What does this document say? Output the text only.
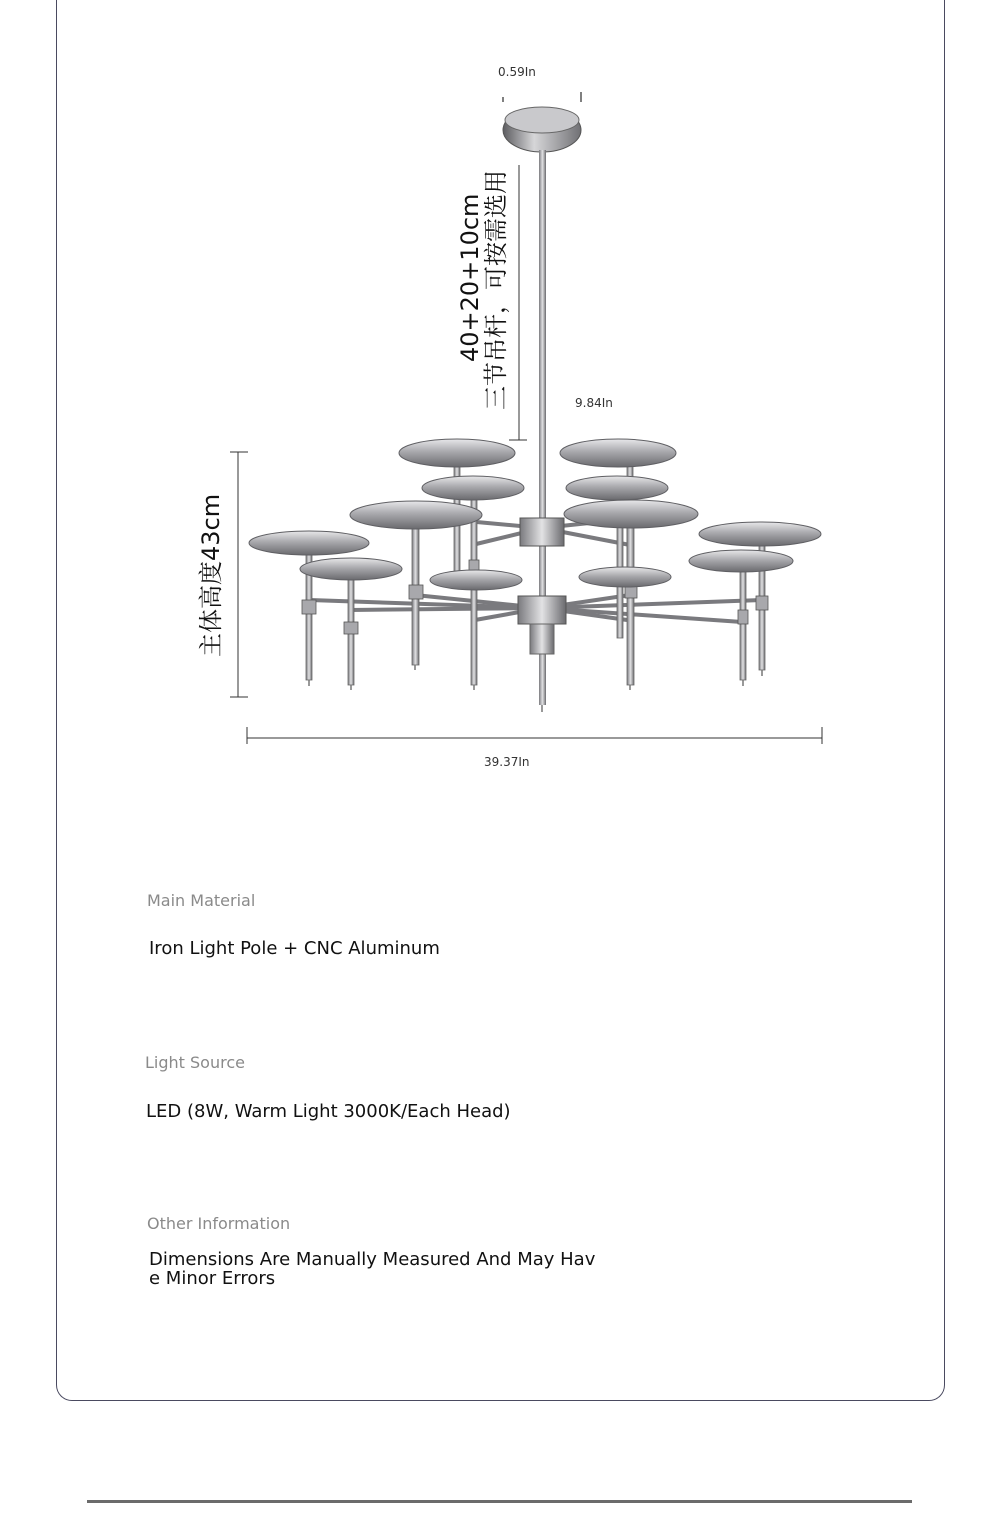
0.59In
9.84In
39.37In
40+20+10cm
三节吊杆，可按需选用
主体高度43cm
Main Material
Iron Light Pole + CNC Aluminum
Light Source
LED (8W, Warm Light 3000K/Each Head)
Other Information
Dimensions Are Manually Measured And May Hav
e Minor Errors
